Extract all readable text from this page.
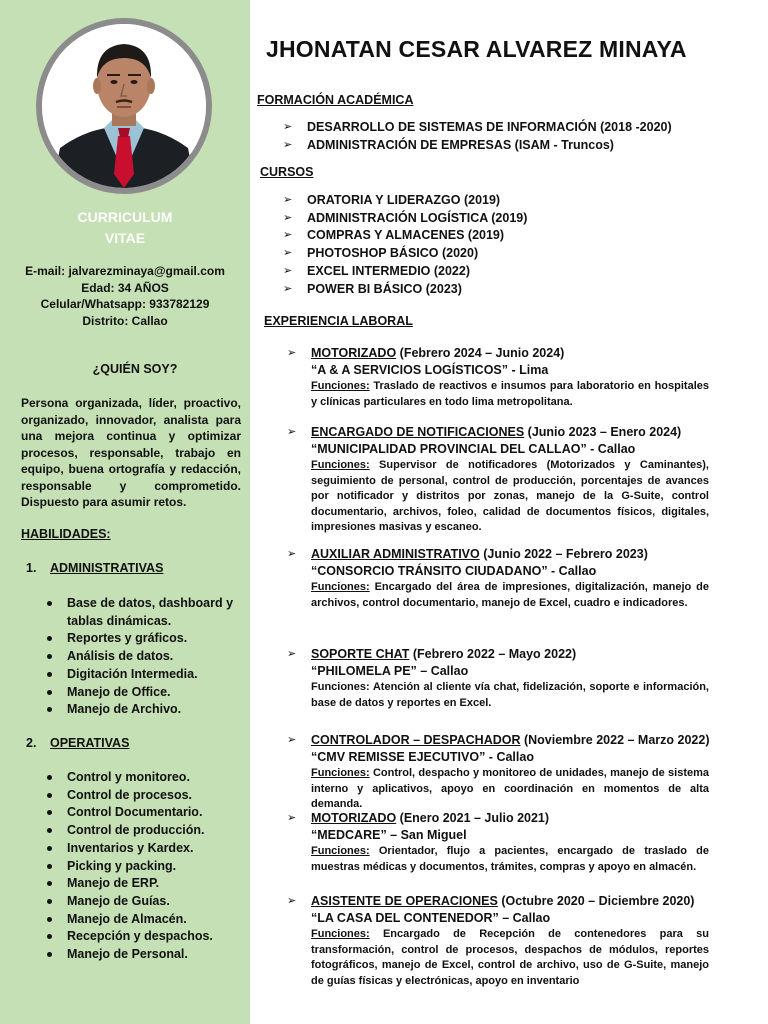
CURRICULUM
VITAE
E-mail: jalvarezminaya@gmail.com
Edad: 34 AÑOS
Celular/Whatsapp: 933782129
Distrito: Callao
¿QUIÉN SOY?
Persona organizada, líder, proactivo, organizado, innovador, analista para una mejora continua y optimizar procesos, responsable, trabajo en equipo, buena ortografía y redacción, responsable y comprometido. Dispuesto para asumir retos.
HABILIDADES:
1. ADMINISTRATIVAS
Base de datos, dashboard y tablas dinámicas.
Reportes y gráficos.
Análisis de datos.
Digitación Intermedia.
Manejo de Office.
Manejo de Archivo.
2. OPERATIVAS
Control y monitoreo.
Control de procesos.
Control Documentario.
Control de producción.
Inventarios y Kardex.
Picking y packing.
Manejo de ERP.
Manejo de Guías.
Manejo de Almacén.
Recepción y despachos.
Manejo de Personal.
JHONATAN CESAR ALVAREZ MINAYA
FORMACIÓN ACADÉMICA
➢ DESARROLLO DE SISTEMAS DE INFORMACIÓN (2018 -2020)
➢ ADMINISTRACIÓN DE EMPRESAS (ISAM - Truncos)
CURSOS
➢ ORATORIA Y LIDERAZGO (2019)
➢ ADMINISTRACIÓN LOGÍSTICA (2019)
➢ COMPRAS Y ALMACENES (2019)
➢ PHOTOSHOP BÁSICO (2020)
➢ EXCEL INTERMEDIO (2022)
➢ POWER BI BÁSICO (2023)
EXPERIENCIA LABORAL
➢ MOTORIZADO (Febrero 2024 – Junio 2024)
“A & A SERVICIOS LOGÍSTICOS” - Lima
Funciones: Traslado de reactivos e insumos para laboratorio en hospitales y clínicas particulares en todo lima metropolitana.
➢ ENCARGADO DE NOTIFICACIONES (Junio 2023 – Enero 2024)
“MUNICIPALIDAD PROVINCIAL DEL CALLAO” - Callao
Funciones: Supervisor de notificadores (Motorizados y Caminantes), seguimiento de personal, control de producción, porcentajes de avances por notificador y distritos por zonas, manejo de la G-Suite, control documentario, archivos, foleo, calidad de documentos físicos, digitales, impresiones masivas y escaneo.
➢ AUXILIAR ADMINISTRATIVO (Junio 2022 – Febrero 2023)
“CONSORCIO TRÁNSITO CIUDADANO” - Callao
Funciones: Encargado del área de impresiones, digitalización, manejo de archivos, control documentario, manejo de Excel, cuadro e indicadores.
➢ SOPORTE CHAT (Febrero 2022 – Mayo 2022)
“PHILOMELA PE” – Callao
Funciones: Atención al cliente vía chat, fidelización, soporte e información, base de datos y reportes en Excel.
➢ CONTROLADOR – DESPACHADOR (Noviembre 2022 – Marzo 2022)
“CMV REMISSE EJECUTIVO” - Callao
Funciones: Control, despacho y monitoreo de unidades, manejo de sistema interno y aplicativos, apoyo en coordinación en momentos de alta demanda.
➢ MOTORIZADO (Enero 2021 – Julio 2021)
“MEDCARE” – San Miguel
Funciones: Orientador, flujo a pacientes, encargado de traslado de muestras médicas y documentos, trámites, compras y apoyo en almacén.
➢ ASISTENTE DE OPERACIONES (Octubre 2020 – Diciembre 2020)
“LA CASA DEL CONTENEDOR” – Callao
Funciones: Encargado de Recepción de contenedores para su transformación, control de procesos, despachos de módulos, reportes fotográficos, manejo de Excel, control de archivo, uso de G-Suite, manejo de guías físicas y electrónicas, apoyo en inventario
